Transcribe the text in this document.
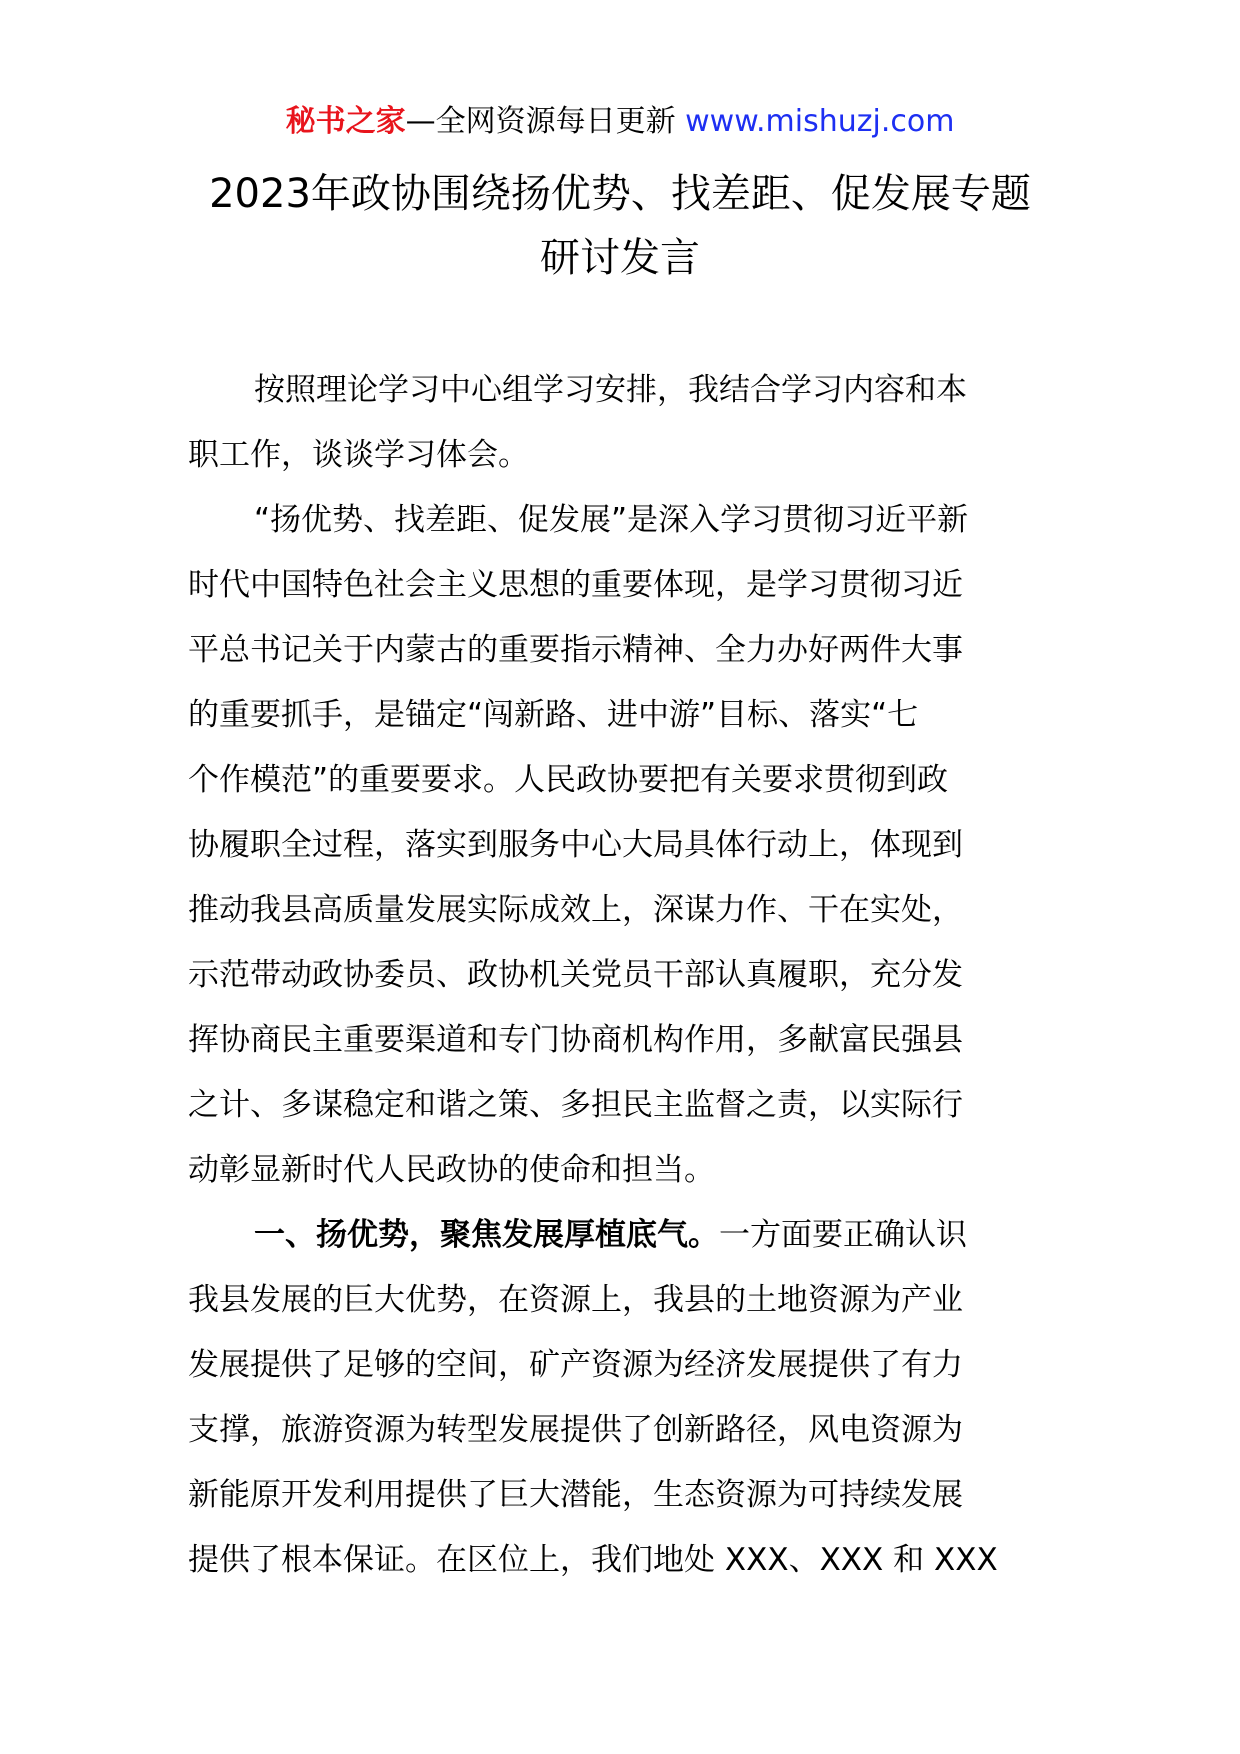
秘书之家—全网资源每日更新 www.mishuzj.com
2023年政协围绕扬优势、找差距、促发展专题
研讨发言
按照理论学习中心组学习安排，我结合学习内容和本
职工作，谈谈学习体会。
“扬优势、找差距、促发展”是深入学习贯彻习近平新
时代中国特色社会主义思想的重要体现，是学习贯彻习近
平总书记关于内蒙古的重要指示精神、全力办好两件大事
的重要抓手，是锚定“闯新路、进中游”目标、落实“七
个作模范”的重要要求。人民政协要把有关要求贯彻到政
协履职全过程，落实到服务中心大局具体行动上，体现到
推动我县高质量发展实际成效上，深谋力作、干在实处，
示范带动政协委员、政协机关党员干部认真履职，充分发
挥协商民主重要渠道和专门协商机构作用，多献富民强县
之计、多谋稳定和谐之策、多担民主监督之责，以实际行
动彰显新时代人民政协的使命和担当。
一、扬优势，聚焦发展厚植底气。一方面要正确认识
我县发展的巨大优势，在资源上，我县的土地资源为产业
发展提供了足够的空间，矿产资源为经济发展提供了有力
支撑，旅游资源为转型发展提供了创新路径，风电资源为
新能原开发利用提供了巨大潜能，生态资源为可持续发展
提供了根本保证。在区位上，我们地处 XXX、XXX 和 XXX
